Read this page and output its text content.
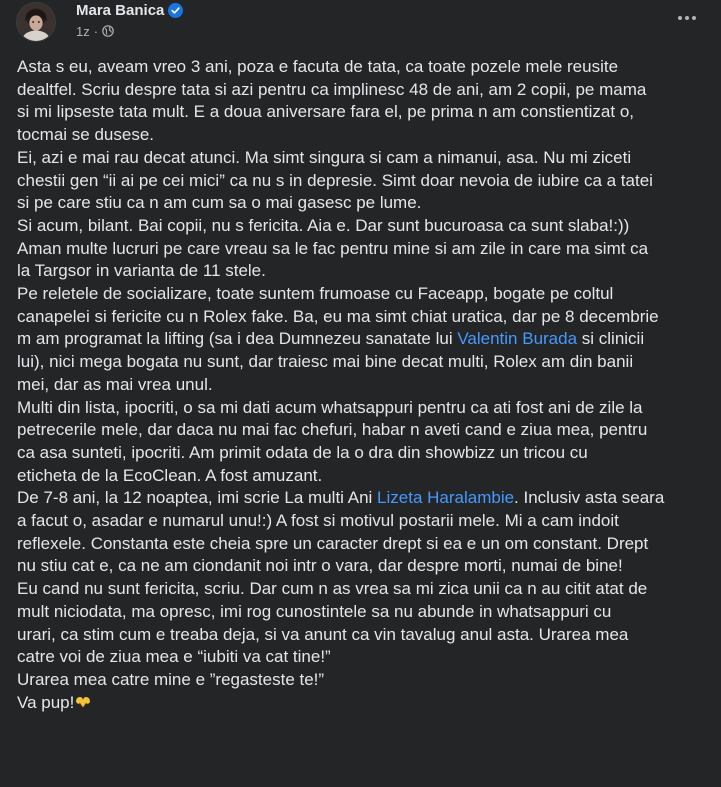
Mara Banica
1z ·

Asta s eu, aveam vreo 3 ani, poza e facuta de tata, ca toate pozele mele reusite

dealtfel. Scriu despre tata si azi pentru ca implinesc 48 de ani, am 2 copii, pe mama

si mi lipseste tata mult. E a doua aniversare fara el, pe prima n am constientizat o,

tocmai se dusese.

Ei, azi e mai rau decat atunci. Ma simt singura si cam a nimanui, asa. Nu mi ziceti

chestii gen “ii ai pe cei mici” ca nu s in depresie. Simt doar nevoia de iubire ca a tatei

si pe care stiu ca n am cum sa o mai gasesc pe lume.

Si acum, bilant. Bai copii, nu s fericita. Aia e. Dar sunt bucuroasa ca sunt slaba!:))

Aman multe lucruri pe care vreau sa le fac pentru mine si am zile in care ma simt ca

la Targsor in varianta de 11 stele.

Pe reletele de socializare, toate suntem frumoase cu Faceapp, bogate pe coltul

canapelei si fericite cu n Rolex fake. Ba, eu ma simt chiat uratica, dar pe 8 decembrie

m am programat la lifting (sa i dea Dumnezeu sanatate lui Valentin Burada si clinicii

lui), nici mega bogata nu sunt, dar traiesc mai bine decat multi, Rolex am din banii

mei, dar as mai vrea unul.

Multi din lista, ipocriti, o sa mi dati acum whatsappuri pentru ca ati fost ani de zile la

petrecerile mele, dar daca nu mai fac chefuri, habar n aveti cand e ziua mea, pentru

ca asa sunteti, ipocriti. Am primit odata de la o dra din showbizz un tricou cu

eticheta de la EcoClean. A fost amuzant.

De 7-8 ani, la 12 noaptea, imi scrie La multi Ani Lizeta Haralambie. Inclusiv asta seara

a facut o, asadar e numarul unu!:) A fost si motivul postarii mele. Mi a cam indoit

reflexele. Constanta este cheia spre un caracter drept si ea e un om constant. Drept

nu stiu cat e, ca ne am ciondanit noi intr o vara, dar despre morti, numai de bine!

Eu cand nu sunt fericita, scriu. Dar cum n as vrea sa mi zica unii ca n au citit atat de

mult niciodata, ma opresc, imi rog cunostintele sa nu abunde in whatsappuri cu

urari, ca stim cum e treaba deja, si va anunt ca vin tavalug anul asta. Urarea mea

catre voi de ziua mea e “iubiti va cat tine!”

Urarea mea catre mine e ”regasteste te!”

Va pup!
